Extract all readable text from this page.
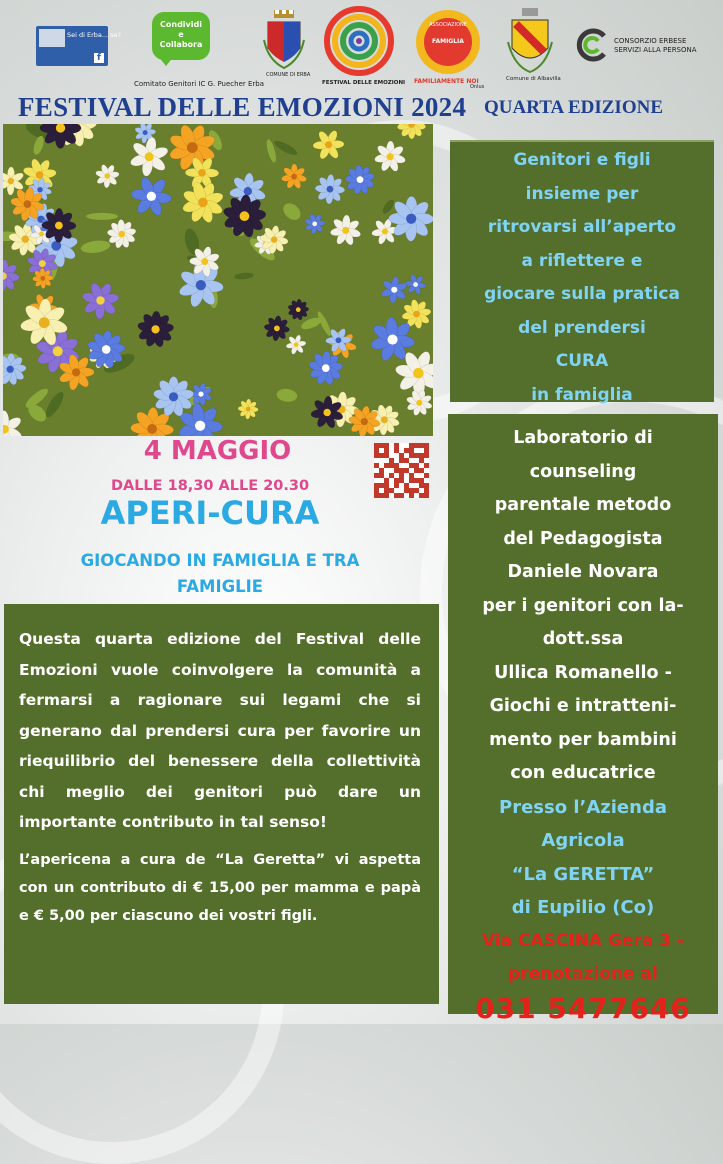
Sei di Erba... se?
f
Condividi
e
Collabora
Comitato Genitori IC G. Puecher Erba
COMUNE DI ERBA
FESTIVAL DELLE EMOZIONI
ASSOCIAZIONE
FAMIGLIA
FAMILIAMENTE NOI
Onlus
Comune di Albavilla
CONSORZIO ERBESE
SERVIZI ALLA PERSONA
FESTIVAL DELLE EMOZIONI 2024 QUARTA EDIZIONE
Genitori e figli
insieme per
ritrovarsi all’aperto
a riflettere e
giocare sulla pratica
del prendersi
CURA
in famiglia
4 MAGGIO
DALLE 18,30 ALLE 20.30
APERI-CURA
GIOCANDO IN FAMIGLIA E TRA
FAMIGLIE
Laboratorio di
counseling
parentale metodo
del Pedagogista
Daniele Novara
per i genitori con la-
dott.ssa
Ullica Romanello -
Giochi e intratteni-
mento per bambini
con educatrice
Presso l’Azienda
Agricola
“La GERETTA”
di Eupilio (Co)
Via CASCINA Gera 3 -
prenotazione al
031 5477646
Questa quarta edizione del Festival delle Emozioni vuole coinvolgere la comunità a fermarsi a ragionare sui legami che si generano dal prendersi cura per favorire un riequilibrio del benessere della collettività chi meglio dei genitori può dare un importante contributo in tal senso!
L’apericena a cura de “La Geretta” vi aspetta con un contributo di € 15,00 per mamma e papà e € 5,00 per ciascuno dei vostri figli.
